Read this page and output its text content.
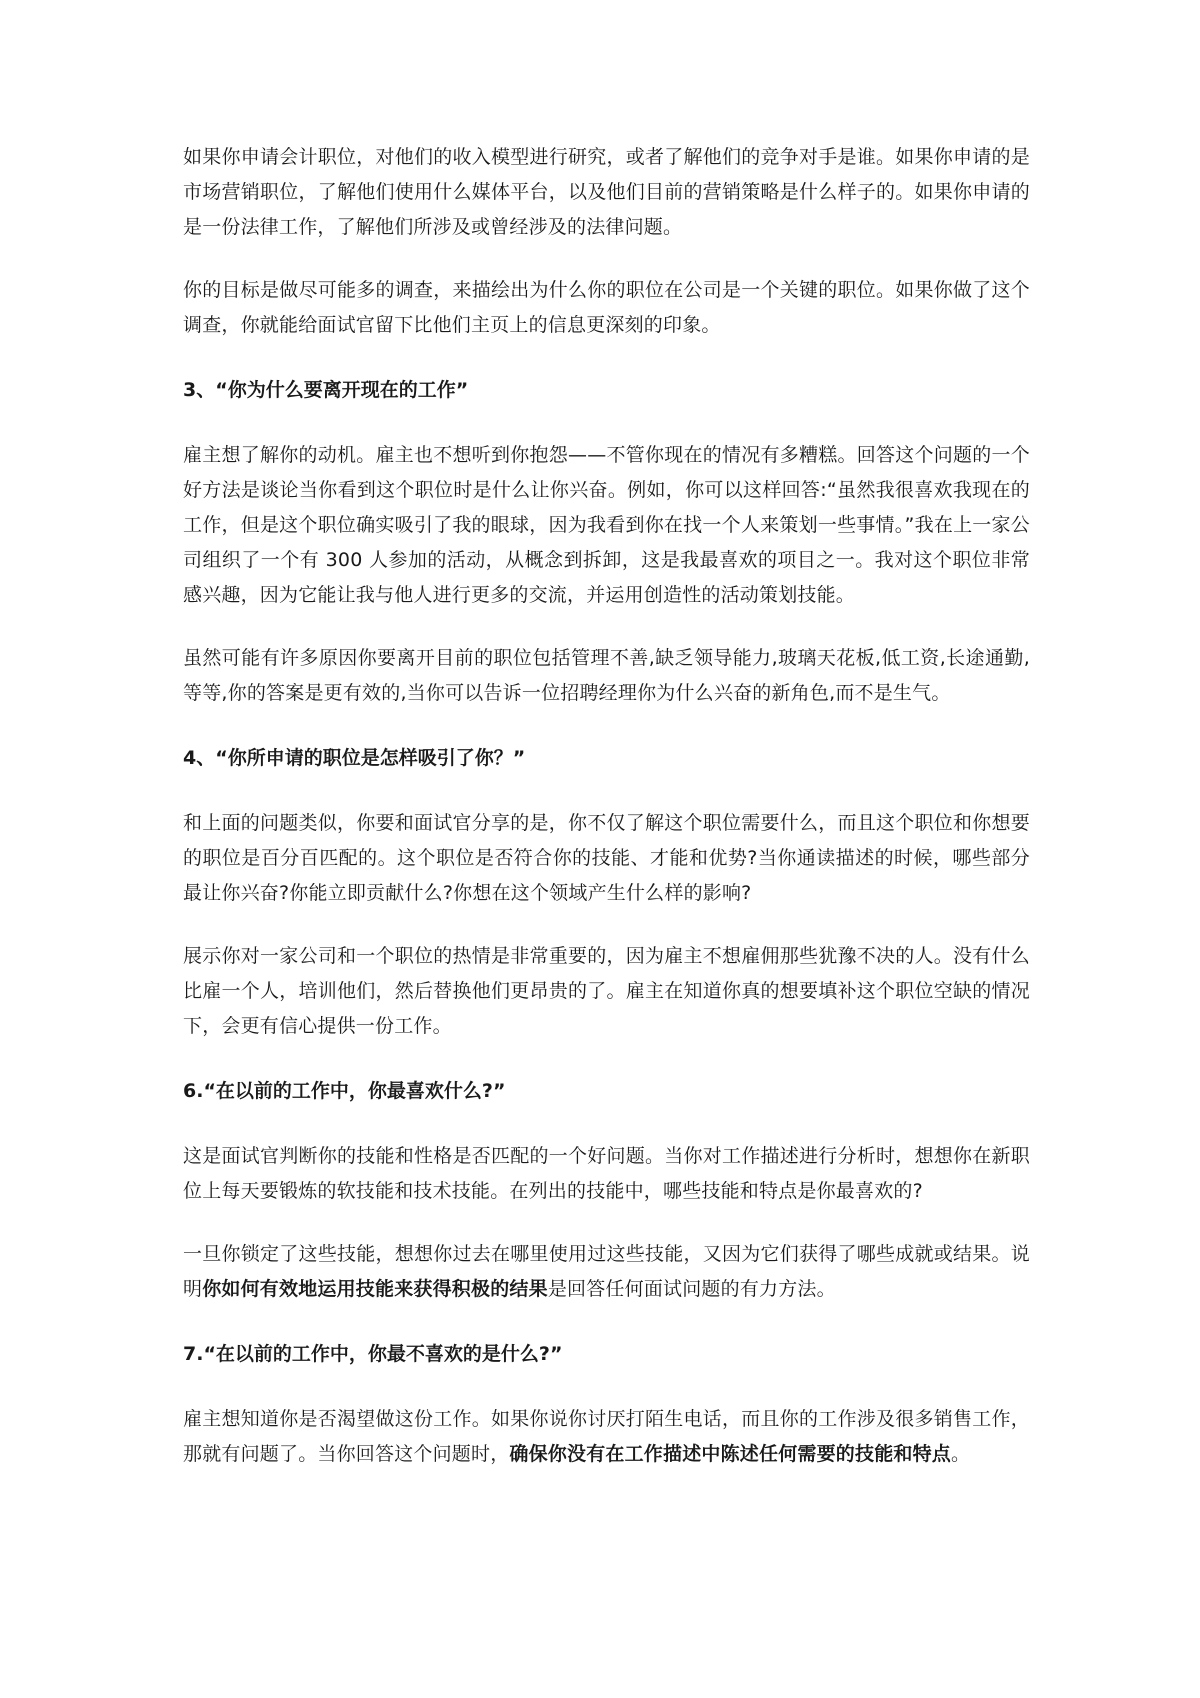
如果你申请会计职位，对他们的收入模型进行研究，或者了解他们的竞争对手是谁。如果你申请的是市场营销职位，了解他们使用什么媒体平台，以及他们目前的营销策略是什么样子的。如果你申请的是一份法律工作，了解他们所涉及或曾经涉及的法律问题。

你的目标是做尽可能多的调查，来描绘出为什么你的职位在公司是一个关键的职位。如果你做了这个调查，你就能给面试官留下比他们主页上的信息更深刻的印象。

3、“你为什么要离开现在的工作”

雇主想了解你的动机。雇主也不想听到你抱怨——不管你现在的情况有多糟糕。回答这个问题的一个好方法是谈论当你看到这个职位时是什么让你兴奋。例如，你可以这样回答:“虽然我很喜欢我现在的工作，但是这个职位确实吸引了我的眼球，因为我看到你在找一个人来策划一些事情。”我在上一家公司组织了一个有 300 人参加的活动，从概念到拆卸，这是我最喜欢的项目之一。我对这个职位非常感兴趣，因为它能让我与他人进行更多的交流，并运用创造性的活动策划技能。

虽然可能有许多原因你要离开目前的职位包括管理不善,缺乏领导能力,玻璃天花板,低工资,长途通勤,等等,你的答案是更有效的,当你可以告诉一位招聘经理你为什么兴奋的新角色,而不是生气。

4、“你所申请的职位是怎样吸引了你？”

和上面的问题类似，你要和面试官分享的是，你不仅了解这个职位需要什么，而且这个职位和你想要的职位是百分百匹配的。这个职位是否符合你的技能、才能和优势?当你通读描述的时候，哪些部分最让你兴奋?你能立即贡献什么?你想在这个领域产生什么样的影响?

展示你对一家公司和一个职位的热情是非常重要的，因为雇主不想雇佣那些犹豫不决的人。没有什么比雇一个人，培训他们，然后替换他们更昂贵的了。雇主在知道你真的想要填补这个职位空缺的情况下，会更有信心提供一份工作。

6.“在以前的工作中，你最喜欢什么?”

这是面试官判断你的技能和性格是否匹配的一个好问题。当你对工作描述进行分析时，想想你在新职位上每天要锻炼的软技能和技术技能。在列出的技能中，哪些技能和特点是你最喜欢的?

一旦你锁定了这些技能，想想你过去在哪里使用过这些技能，又因为它们获得了哪些成就或结果。说明你如何有效地运用技能来获得积极的结果是回答任何面试问题的有力方法。

7.“在以前的工作中，你最不喜欢的是什么?”

雇主想知道你是否渴望做这份工作。如果你说你讨厌打陌生电话，而且你的工作涉及很多销售工作，那就有问题了。当你回答这个问题时，确保你没有在工作描述中陈述任何需要的技能和特点。
